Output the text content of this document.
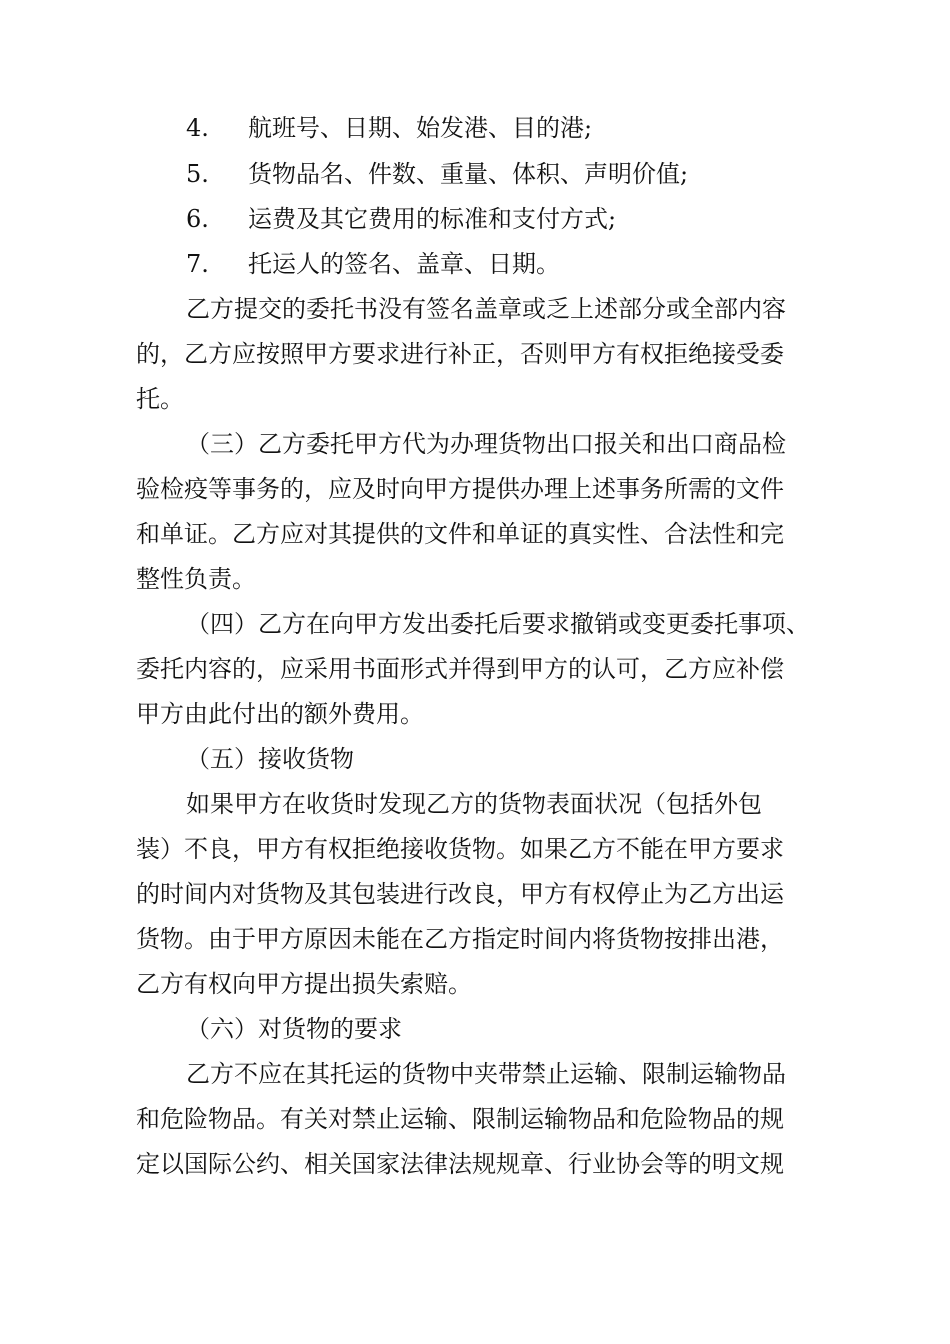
4. 航班号、日期、始发港、目的港;
5. 货物品名、件数、重量、体积、声明价值;
6. 运费及其它费用的标准和支付方式;
7. 托运人的签名、盖章、日期。
乙方提交的委托书没有签名盖章或乏上述部分或全部内容
的，乙方应按照甲方要求进行补正，否则甲方有权拒绝接受委
托。
（三）乙方委托甲方代为办理货物出口报关和出口商品检
验检疫等事务的，应及时向甲方提供办理上述事务所需的文件
和单证。乙方应对其提供的文件和单证的真实性、合法性和完
整性负责。
（四）乙方在向甲方发出委托后要求撤销或变更委托事项、
委托内容的，应采用书面形式并得到甲方的认可，乙方应补偿
甲方由此付出的额外费用。
（五）接收货物
如果甲方在收货时发现乙方的货物表面状况（包括外包
装）不良，甲方有权拒绝接收货物。如果乙方不能在甲方要求
的时间内对货物及其包装进行改良，甲方有权停止为乙方出运
货物。由于甲方原因未能在乙方指定时间内将货物按排出港，
乙方有权向甲方提出损失索赔。
（六）对货物的要求
乙方不应在其托运的货物中夹带禁止运输、限制运输物品
和危险物品。有关对禁止运输、限制运输物品和危险物品的规
定以国际公约、相关国家法律法规规章、行业协会等的明文规
